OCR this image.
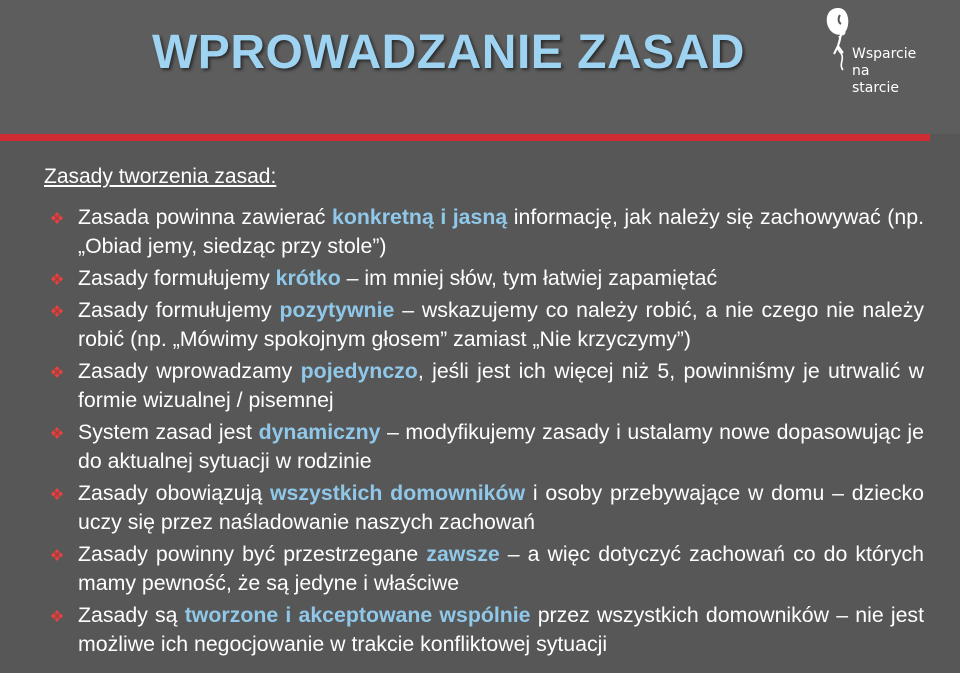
WPROWADZANIE ZASAD	Wsparcie
na
starcie
Zasady tworzenia zasad:
Zasada powinna zawierać konkretną i jasną informację, jak należy się zachowywać (np. „Obiad jemy, siedząc przy stole”)
Zasady formułujemy krótko – im mniej słów, tym łatwiej zapamiętać
Zasady formułujemy pozytywnie – wskazujemy co należy robić, a nie czego nie należy robić (np. „Mówimy spokojnym głosem” zamiast „Nie krzyczymy”)
Zasady wprowadzamy pojedynczo, jeśli jest ich więcej niż 5, powinniśmy je utrwalić w formie wizualnej / pisemnej
System zasad jest dynamiczny – modyfikujemy zasady i ustalamy nowe dopasowując je do aktualnej sytuacji w rodzinie
Zasady obowiązują wszystkich domowników i osoby przebywające w domu – dziecko uczy się przez naśladowanie naszych zachowań
Zasady powinny być przestrzegane zawsze – a więc dotyczyć zachowań co do których mamy pewność, że są jedyne i właściwe
Zasady są tworzone i akceptowane wspólnie przez wszystkich domowników – nie jest możliwe ich negocjowanie w trakcie konfliktowej sytuacji
